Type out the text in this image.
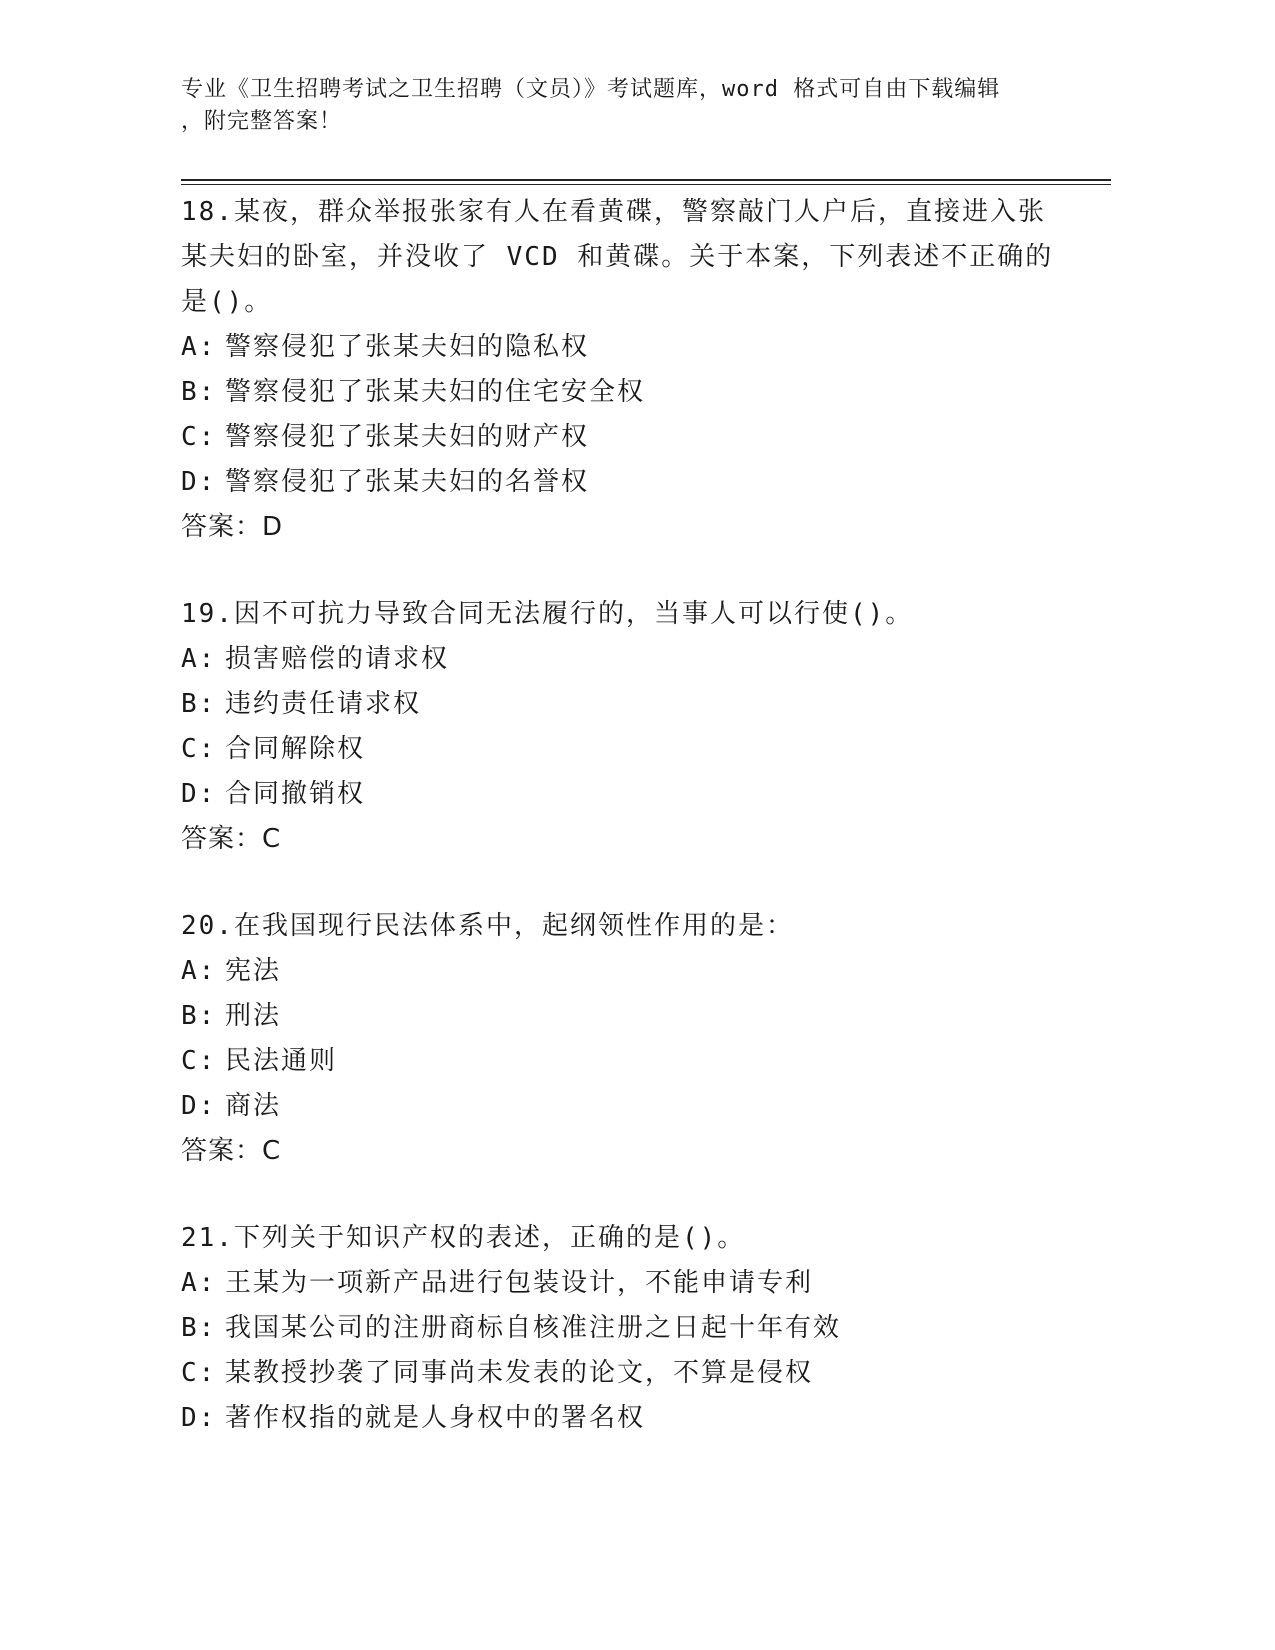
专业《卫生招聘考试之卫生招聘（文员）》考试题库，word 格式可自由下载编辑
，附完整答案！

18.某夜，群众举报张家有人在看黄碟，警察敲门人户后，直接进入张某夫妇的卧室，并没收了 VCD 和黄碟。关于本案，下列表述不正确的是()。

A: 警察侵犯了张某夫妇的隐私权
B: 警察侵犯了张某夫妇的住宅安全权
C: 警察侵犯了张某夫妇的财产权
D: 警察侵犯了张某夫妇的名誉权
答案：D

19.因不可抗力导致合同无法履行的，当事人可以行使()。

A: 损害赔偿的请求权
B: 违约责任请求权
C: 合同解除权
D: 合同撤销权
答案：C

20.在我国现行民法体系中，起纲领性作用的是：

A: 宪法
B: 刑法
C: 民法通则
D: 商法
答案：C

21.下列关于知识产权的表述，正确的是()。

A: 王某为一项新产品进行包装设计，不能申请专利
B: 我国某公司的注册商标自核准注册之日起十年有效
C: 某教授抄袭了同事尚未发表的论文，不算是侵权
D: 著作权指的就是人身权中的署名权
